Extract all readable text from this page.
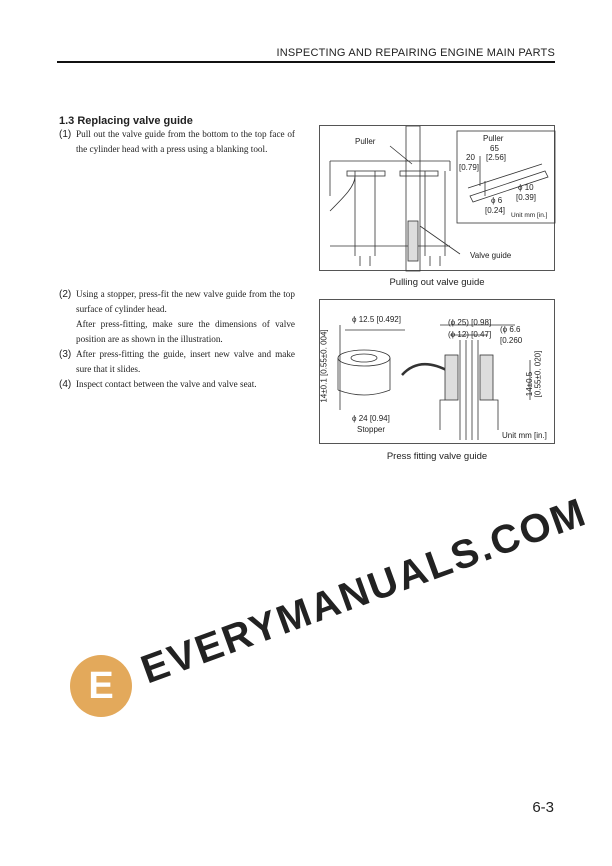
INSPECTING AND REPAIRING ENGINE MAIN PARTS
1.3 Replacing valve guide
(1) Pull out the valve guide from the bottom to the top face of the cylinder head with a press using a blanking tool.

(2) Using a stopper, press-fit the new valve guide from the top surface of cylinder head.

After press-fitting, make sure the dimensions of valve position are as shown in the illustration.

(3) After press-fitting the guide, insert new valve and make sure that it slides.

(4) Inspect contact between the valve and valve seat.

Puller	Puller
65
[2.56]
20
[0.79]
ϕ 10
[0.39]
ϕ 6
[0.24]
Unit mm [in.]
Valve guide
Pulling out valve guide
ϕ 12.5 [0.492]
14±0.1 [0.55±0. 004]
ϕ 24 [0.94]
Stopper
(ϕ 25) [0.98]
(ϕ 12) [0.47]
(ϕ 6.6
[0.260
14±0.5 [0.55±0. 020]
Unit mm [in.]
Press fitting valve guide
E EVERYMANUALS.COM
6-3
